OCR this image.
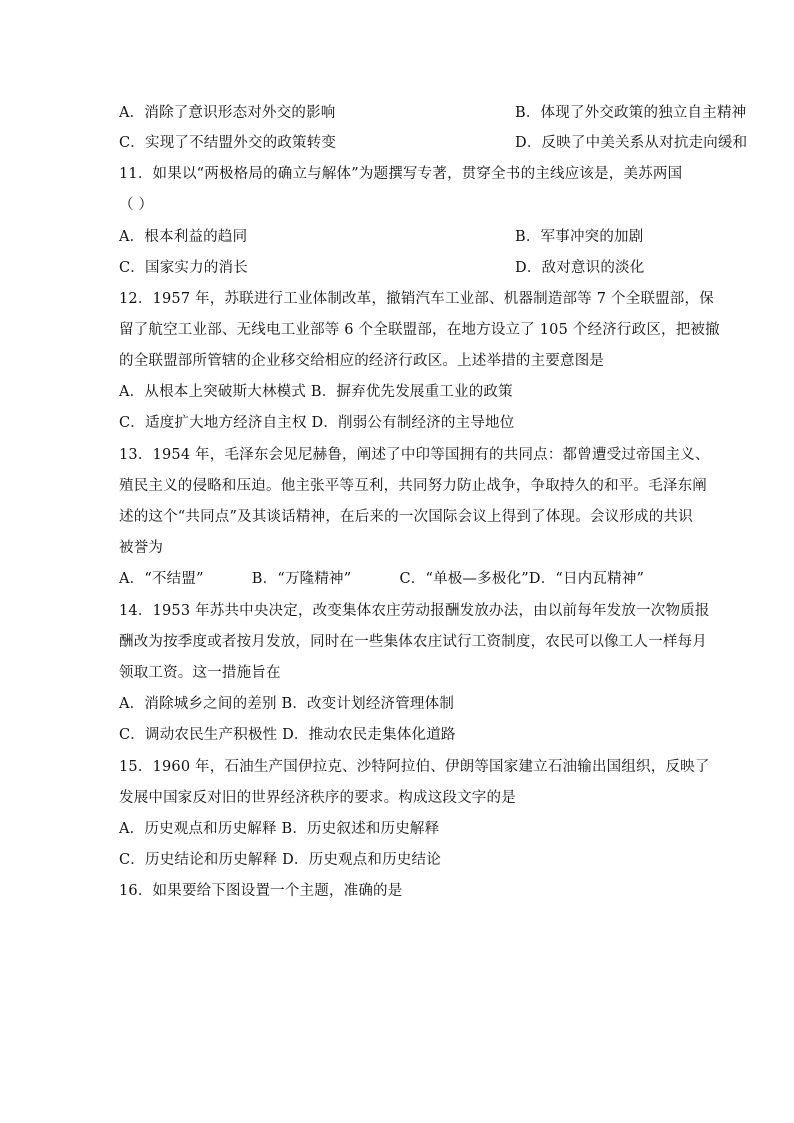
A．消除了意识形态对外交的影响	B．体现了外交政策的独立自主精神
C．实现了不结盟外交的政策转变	D．反映了中美关系从对抗走向缓和
11．如果以“两极格局的确立与解体”为题撰写专著，贯穿全书的主线应该是，美苏两国
（ ）
A．根本利益的趋同	B．军事冲突的加剧
C．国家实力的消长	D．敌对意识的淡化
12．1957 年，苏联进行工业体制改革，撤销汽车工业部、机器制造部等 7 个全联盟部，保
留了航空工业部、无线电工业部等 6 个全联盟部，在地方设立了 105 个经济行政区，把被撤
的全联盟部所管辖的企业移交给相应的经济行政区。上述举措的主要意图是
A．从根本上突破斯大林模式 B．摒弃优先发展重工业的政策
C．适度扩大地方经济自主权 D．削弱公有制经济的主导地位
13．1954 年，毛泽东会见尼赫鲁，阐述了中印等国拥有的共同点：都曾遭受过帝国主义、
殖民主义的侵略和压迫。他主张平等互利，共同努力防止战争，争取持久的和平。毛泽东阐
述的这个“共同点”及其谈话精神，在后来的一次国际会议上得到了体现。会议形成的共识
被誉为
A．“不结盟”          B．“万隆精神”          C．“单极—多极化”D．“日内瓦精神”
14．1953 年苏共中央决定，改变集体农庄劳动报酬发放办法，由以前每年发放一次物质报
酬改为按季度或者按月发放，同时在一些集体农庄试行工资制度，农民可以像工人一样每月
领取工资。这一措施旨在
A．消除城乡之间的差别 B．改变计划经济管理体制
C．调动农民生产积极性 D．推动农民走集体化道路
15．1960 年，石油生产国伊拉克、沙特阿拉伯、伊朗等国家建立石油输出国组织，反映了
发展中国家反对旧的世界经济秩序的要求。构成这段文字的是
A．历史观点和历史解释 B．历史叙述和历史解释
C．历史结论和历史解释 D．历史观点和历史结论
16．如果要给下图设置一个主题，准确的是
